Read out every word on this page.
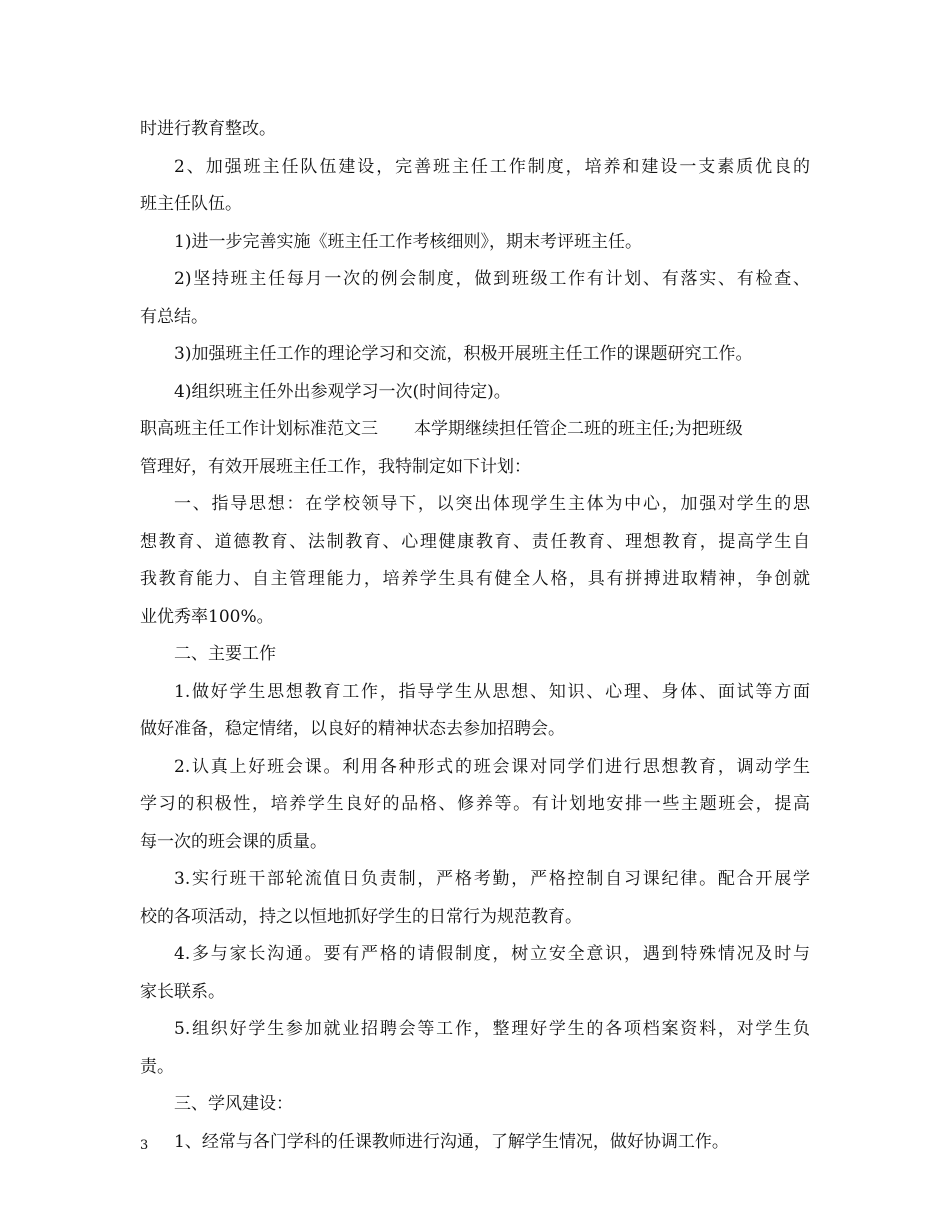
时进行教育整改。
2、加强班主任队伍建设，完善班主任工作制度，培养和建设一支素质优良的
班主任队伍。
1)进一步完善实施《班主任工作考核细则》，期末考评班主任。
2)坚持班主任每月一次的例会制度，做到班级工作有计划、有落实、有检查、
有总结。
3)加强班主任工作的理论学习和交流，积极开展班主任工作的课题研究工作。
4)组织班主任外出参观学习一次(时间待定)。
职高班主任工作计划标准范文三 本学期继续担任管企二班的班主任;为把班级
管理好，有效开展班主任工作，我特制定如下计划：
一、指导思想：在学校领导下，以突出体现学生主体为中心，加强对学生的思
想教育、道德教育、法制教育、心理健康教育、责任教育、理想教育，提高学生自
我教育能力、自主管理能力，培养学生具有健全人格，具有拼搏进取精神，争创就
业优秀率100%。
二、主要工作
1.做好学生思想教育工作，指导学生从思想、知识、心理、身体、面试等方面
做好准备，稳定情绪，以良好的精神状态去参加招聘会。
2.认真上好班会课。利用各种形式的班会课对同学们进行思想教育，调动学生
学习的积极性，培养学生良好的品格、修养等。有计划地安排一些主题班会，提高
每一次的班会课的质量。
3.实行班干部轮流值日负责制，严格考勤，严格控制自习课纪律。配合开展学
校的各项活动，持之以恒地抓好学生的日常行为规范教育。
4.多与家长沟通。要有严格的请假制度，树立安全意识，遇到特殊情况及时与
家长联系。
5.组织好学生参加就业招聘会等工作，整理好学生的各项档案资料，对学生负
责。
三、学风建设：
1、经常与各门学科的任课教师进行沟通，了解学生情况，做好协调工作。
3
